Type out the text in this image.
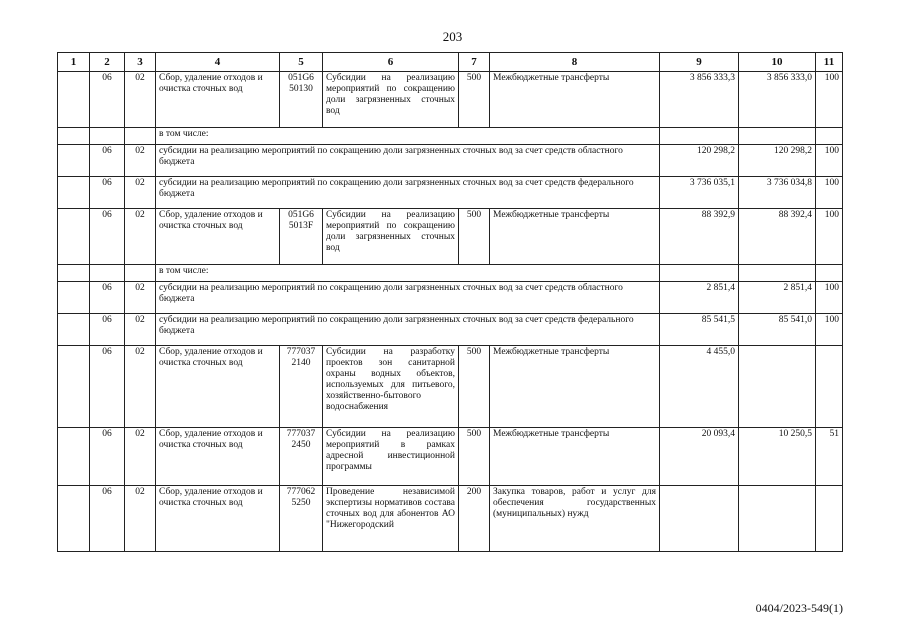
203
1	2	3	4	5	6	7	8	9	10	11
	06	02	Сбор, удаление отходов и очистка сточных вод	051G6 50130	Субсидии на реализацию мероприятий по сокращению доли загрязненных сточных вод	500	Межбюджетные трансферты	3 856 333,3	3 856 333,0	100
			в том числе:							
	06	02	субсидии на реализацию мероприятий по сокращению доли загрязненных сточных вод за счет средств областного бюджета					120 298,2	120 298,2	100
	06	02	субсидии на реализацию мероприятий по сокращению доли загрязненных сточных вод за счет средств федерального бюджета					3 736 035,1	3 736 034,8	100
	06	02	Сбор, удаление отходов и очистка сточных вод	051G6 5013F	Субсидии на реализацию мероприятий по сокращению доли загрязненных сточных вод	500	Межбюджетные трансферты	88 392,9	88 392,4	100
			в том числе:							
	06	02	субсидии на реализацию мероприятий по сокращению доли загрязненных сточных вод за счет средств областного бюджета					2 851,4	2 851,4	100
	06	02	субсидии на реализацию мероприятий по сокращению доли загрязненных сточных вод за счет средств федерального бюджета					85 541,5	85 541,0	100
	06	02	Сбор, удаление отходов и очистка сточных вод	777037 2140	Субсидии на разработку проектов зон санитарной охраны водных объектов, используемых для питьевого, хозяйственно-бытового водоснабжения	500	Межбюджетные трансферты	4 455,0		
	06	02	Сбор, удаление отходов и очистка сточных вод	777037 2450	Субсидии на реализацию мероприятий в рамках адресной инвестиционной программы	500	Межбюджетные трансферты	20 093,4	10 250,5	51
	06	02	Сбор, удаление отходов и очистка сточных вод	777062 5250	Проведение независимой экспертизы нормативов состава сточных вод для абонентов АО "Нижегородский	200	Закупка товаров, работ и услуг для обеспечения государственных (муниципальных) нужд			
0404/2023-549(1)
